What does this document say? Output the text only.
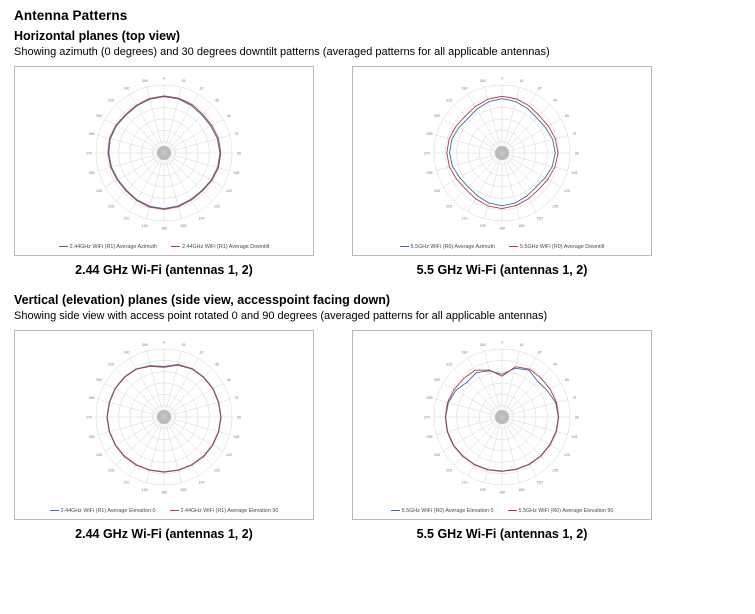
Antenna Patterns
Horizontal planes (top view)

Showing azimuth (0 degrees) and 30 degrees downtilt patterns (averaged patterns for all applicable antennas)

0
15
30
45
60
75
90
105
120
135
150
165
180
195
210
225
240
255
270
285
300
315
330
345
2.44GHz WiFi (R1) Average Azimuth	2.44GHz WiFi (R1) Average Downtilt
2.44 GHz Wi-Fi (antennas 1, 2)
0
15
30
45
60
75
90
105
120
135
150
165
180
195
210
225
240
255
270
285
300
315
330
345
5.5GHz WiFi (R0) Average Azimuth	5.5GHz WiFi (R0) Average Downtilt
5.5 GHz Wi-Fi (antennas 1, 2)
Vertical (elevation) planes (side view, accesspoint facing down)

Showing side view with access point rotated 0 and 90 degrees (averaged patterns for all applicable antennas)

0
15
30
45
60
75
90
105
120
135
150
165
180
195
210
225
240
255
270
285
300
315
330
345
2.44GHz WiFi (R1) Average Elevation 0	2.44GHz WiFi (R1) Average Elevation 90
2.44 GHz Wi-Fi (antennas 1, 2)
0
15
30
45
60
75
90
105
120
135
150
165
180
195
210
225
240
255
270
285
300
315
330
345
5.5GHz WiFi (R0) Average Elevation 0	5.5GHz WiFi (R0) Average Elevation 90
5.5 GHz Wi-Fi (antennas 1, 2)
